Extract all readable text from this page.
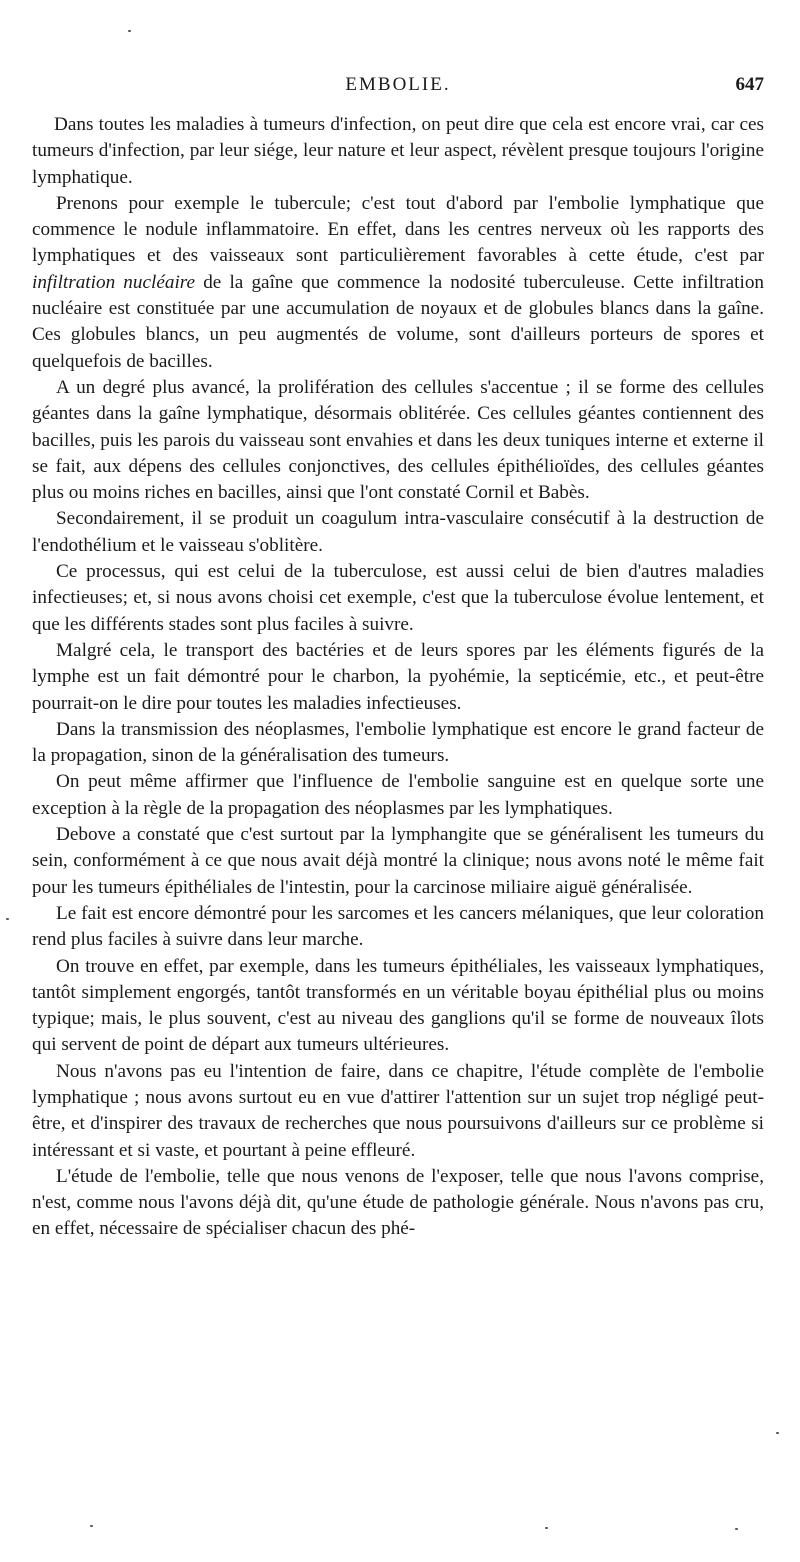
EMBOLIE.	647

Dans toutes les maladies à tumeurs d'infection, on peut dire que cela est encore vrai, car ces tumeurs d'infection, par leur siége, leur nature et leur aspect, révèlent presque toujours l'origine lymphatique.

Prenons pour exemple le tubercule; c'est tout d'abord par l'embolie lymphatique que commence le nodule inflammatoire. En effet, dans les centres nerveux où les rapports des lymphatiques et des vaisseaux sont particulièrement favorables à cette étude, c'est par infiltration nucléaire de la gaîne que commence la nodosité tuberculeuse. Cette infiltration nucléaire est constituée par une accumulation de noyaux et de globules blancs dans la gaîne. Ces globules blancs, un peu augmentés de volume, sont d'ailleurs porteurs de spores et quelquefois de bacilles.

A un degré plus avancé, la prolifération des cellules s'accentue ; il se forme des cellules géantes dans la gaîne lymphatique, désormais oblitérée. Ces cellules géantes contiennent des bacilles, puis les parois du vaisseau sont envahies et dans les deux tuniques interne et externe il se fait, aux dépens des cellules conjonctives, des cellules épithélioïdes, des cellules géantes plus ou moins riches en bacilles, ainsi que l'ont constaté Cornil et Babès.

Secondairement, il se produit un coagulum intra-vasculaire consécutif à la destruction de l'endothélium et le vaisseau s'oblitère.

Ce processus, qui est celui de la tuberculose, est aussi celui de bien d'autres maladies infectieuses; et, si nous avons choisi cet exemple, c'est que la tuberculose évolue lentement, et que les différents stades sont plus faciles à suivre.

Malgré cela, le transport des bactéries et de leurs spores par les éléments figurés de la lymphe est un fait démontré pour le charbon, la pyohémie, la septicémie, etc., et peut-être pourrait-on le dire pour toutes les maladies infectieuses.

Dans la transmission des néoplasmes, l'embolie lymphatique est encore le grand facteur de la propagation, sinon de la généralisation des tumeurs.

On peut même affirmer que l'influence de l'embolie sanguine est en quelque sorte une exception à la règle de la propagation des néoplasmes par les lymphatiques.

Debove a constaté que c'est surtout par la lymphangite que se généralisent les tumeurs du sein, conformément à ce que nous avait déjà montré la clinique; nous avons noté le même fait pour les tumeurs épithéliales de l'intestin, pour la carcinose miliaire aiguë généralisée.

Le fait est encore démontré pour les sarcomes et les cancers mélaniques, que leur coloration rend plus faciles à suivre dans leur marche.

On trouve en effet, par exemple, dans les tumeurs épithéliales, les vaisseaux lymphatiques, tantôt simplement engorgés, tantôt transformés en un véritable boyau épithélial plus ou moins typique; mais, le plus souvent, c'est au niveau des ganglions qu'il se forme de nouveaux îlots qui servent de point de départ aux tumeurs ultérieures.

Nous n'avons pas eu l'intention de faire, dans ce chapitre, l'étude complète de l'embolie lymphatique ; nous avons surtout eu en vue d'attirer l'attention sur un sujet trop négligé peut-être, et d'inspirer des travaux de recherches que nous poursuivons d'ailleurs sur ce problème si intéressant et si vaste, et pourtant à peine effleuré.

L'étude de l'embolie, telle que nous venons de l'exposer, telle que nous l'avons comprise, n'est, comme nous l'avons déjà dit, qu'une étude de pathologie générale. Nous n'avons pas cru, en effet, nécessaire de spécialiser chacun des phé-
